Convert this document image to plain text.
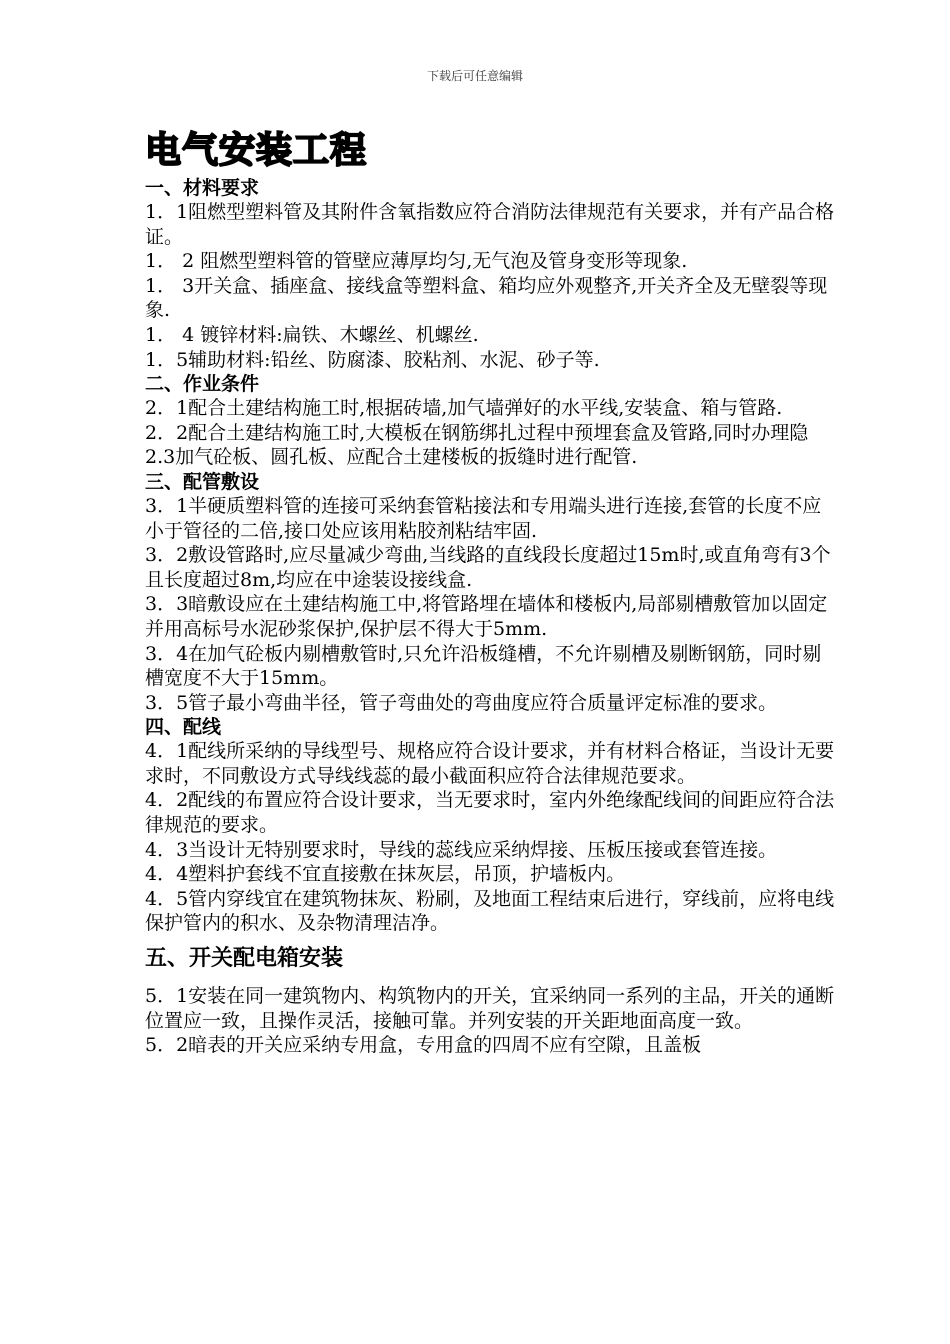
下载后可任意编辑
电气安装工程
一、材料要求
1．1阻燃型塑料管及其附件含氧指数应符合消防法律规范有关要求，并有产品合格证。
1． 2 阻燃型塑料管的管壁应薄厚均匀,无气泡及管身变形等现象.
1． 3开关盒、插座盒、接线盒等塑料盒、箱均应外观整齐,开关齐全及无壁裂等现象.
1． 4 镀锌材料:扁铁、木螺丝、机螺丝.
1．5辅助材料:铅丝、防腐漆、胶粘剂、水泥、砂子等.
二、作业条件
2．1配合土建结构施工时,根据砖墙,加气墙弹好的水平线,安装盒、箱与管路.
2．2配合土建结构施工时,大模板在钢筋绑扎过程中预埋套盒及管路,同时办理隐
2.3加气砼板、圆孔板、应配合土建楼板的扳缝时进行配管.
三、配管敷设
3．1半硬质塑料管的连接可采纳套管粘接法和专用端头进行连接,套管的长度不应小于管径的二倍,接口处应该用粘胶剂粘结牢固.
3．2敷设管路时,应尽量减少弯曲,当线路的直线段长度超过15m时,或直角弯有3个且长度超过8m,均应在中途装设接线盒.
3．3暗敷设应在土建结构施工中,将管路埋在墙体和楼板内,局部剔槽敷管加以固定并用高标号水泥砂浆保护,保护层不得大于5mm.
3．4在加气砼板内剔槽敷管时,只允许沿板缝槽，不允许剔槽及剔断钢筋，同时剔槽宽度不大于15mm。
3．5管子最小弯曲半径，管子弯曲处的弯曲度应符合质量评定标准的要求。
四、配线
4．1配线所采纳的导线型号、规格应符合设计要求，并有材料合格证，当设计无要求时，不同敷设方式导线线蕊的最小截面积应符合法律规范要求。
4．2配线的布置应符合设计要求，当无要求时，室内外绝缘配线间的间距应符合法律规范的要求。
4．3当设计无特别要求时，导线的蕊线应采纳焊接、压板压接或套管连接。
4．4塑料护套线不宜直接敷在抹灰层，吊顶，护墙板内。
4．5管内穿线宜在建筑物抹灰、粉刷，及地面工程结束后进行，穿线前，应将电线保护管内的积水、及杂物清理洁净。
五、开关配电箱安装
5．1安装在同一建筑物内、构筑物内的开关，宜采纳同一系列的主品，开关的通断位置应一致，且操作灵活，接触可靠。并列安装的开关距地面高度一致。
5．2暗表的开关应采纳专用盒，专用盒的四周不应有空隙，且盖板
